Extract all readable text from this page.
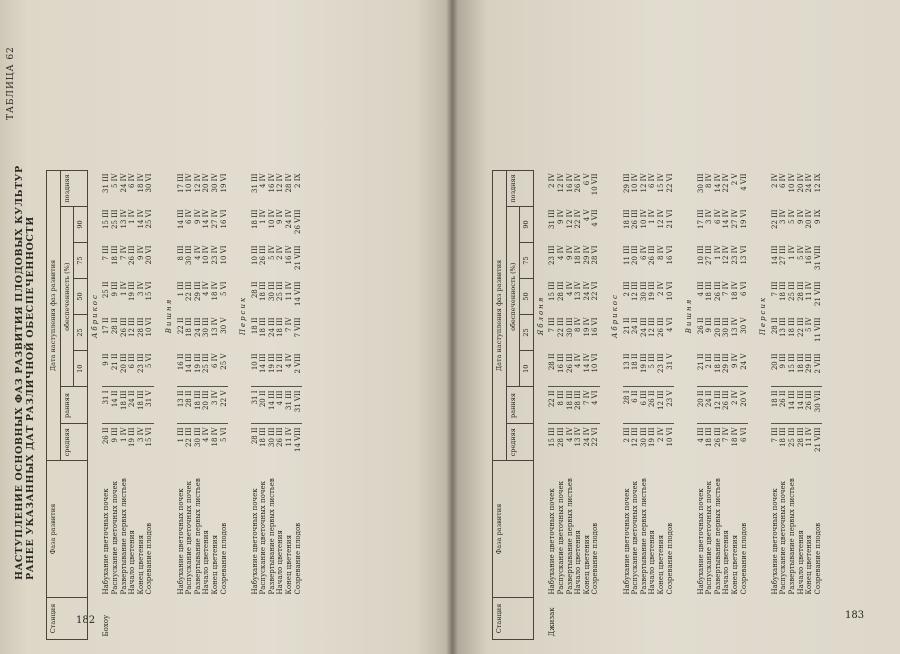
182
ТАБЛИЦА 62
НАСТУПЛЕНИЕ ОСНОВНЫХ ФАЗ РАЗВИТИЯ ПЛОДОВЫХ КУЛЬТУР РАНЕЕ УКАЗАННЫХ ДАТ РАЗЛИЧНОЙ ОБЕСПЕЧЕННОСТИ
Станция	Фаза развития	Дата наступления фаз развития							
		средняя	ранняя	обеспеченность (%)					поздняя
				10	25	50	75	90	
		Абрикос							
Бохоу	Набухание цветочных почек	26 II	31 I	9 II	17 II	25 II	7 III	15 III	31 III
	Распускание цветочных почек	9 III	14 II	21 II	28 II	9 III	18 III	25 III	5 IV
	Развертывание первых листьев	1 IV	18 III	20 III	26 III	1 IV	7 IV	13 IV	24 IV
	Начало цветения	19 III	24 II	6 III	12 III	19 III	26 III	1 IV	6 IV
	Конец цветения	3 IV	18 III	23 III	28 III	3 IV	9 IV	14 IV	18 IV
	Созревание плодов	15 VI	31 V	5 VI	10 VI	15 VI	20 VI	25 VI	30 VI

		Вишня							
	Набухание цветочных почек	1 III	13 II	16 II	22 II	1 III	8 III	14 III	17 III
	Распускание цветочных почек	22 III	28 II	14 III	18 III	22 III	30 III	6 IV	10 IV
	Развертывание первых листьев	30 III	18 III	19 III	24 III	29 III	4 IV	9 IV	12 IV
	Начало цветения	4 IV	20 III	25 III	30 III	4 IV	10 IV	14 IV	20 IV
	Конец цветения	18 IV	3 IV	6 IV	13 IV	18 IV	23 IV	27 IV	30 IV
	Созревание плодов	5 VI	22 V	25 V	30 V	5 VI	10 VI	16 VI	19 VI

		Персик							
	Набухание цветочных почек	28 II	31 I	10 II	18 II	28 II	10 III	18 III	31 III
	Распускание цветочных почек	18 III	20 II	14 III	18 III	18 III	26 III	1 IV	4 IV
	Развертывание первых листьев	30 III	14 III	19 III	24 III	30 III	5 IV	10 IV	16 IV
	Начало цветения	26 III	4 III	12 III	18 III	25 III	2 IV	9 IV	12 IV
	Конец цветения	11 IV	31 III	4 IV	7 IV	11 IV	16 IV	24 IV	28 IV
	Созревание плодов	14 VIII	31 VII	2 VIII	7 VIII	14 VIII	21 VIII	26 VIII	2 IX

183
Станция	Фаза развития	Дата наступления фаз развития							
		средняя	ранняя	обеспеченность (%)					поздняя
				10	25	50	75	90	
		Яблоня							
Джизак	Набухание цветочных почек	15 III	22 II	28 II	7 III	15 III	23 III	31 III	2 IV
	Распускание цветочных почек	28 III	8 III	16 III	22 III	28 III	4 IV	9 IV	12 IV
	Развертывание первых листьев	4 IV	18 III	26 III	30 III	4 IV	9 IV	12 IV	16 IV
	Начало цветения	13 IV	28 III	4 IV	8 IV	13 IV	18 IV	22 IV	26 IV
	Конец цветения	24 IV	7 IV	14 IV	19 IV	24 IV	29 IV	4 V	6 V
	Созревание плодов	22 VI	4 VI	10 VI	16 VI	22 VI	28 VI	4 VII	10 VII

		Абрикос							
	Набухание цветочных почек	2 III	28 I	13 II	21 II	2 III	11 III	18 III	29 III
	Распускание цветочных почек	12 III	6 II	18 II	24 II	12 III	20 III	26 III	10 IV
	Развертывание первых листьев	30 III	6 III	19 III	24 III	30 III	6 IV	10 IV	12 IV
	Начало цветения	19 III	26 II	5 III	12 III	19 III	26 III	1 IV	6 IV
	Конец цветения	2 IV	12 III	23 III	26 III	2 IV	8 IV	12 IV	15 IV
	Созревание плодов	10 VI	23 V	31 V	4 VI	10 VI	16 VI	21 VI	22 VI

		Вишня							
	Набухание цветочных почек	4 III	20 II	21 II	26 II	4 III	10 III	17 III	30 III
	Распускание цветочных почек	18 III	24 II	2 III	9 III	18 III	27 III	3 IV	8 IV
	Развертывание первых листьев	26 III	12 III	18 III	20 III	26 III	1 IV	6 IV	14 IV
	Начало цветения	7 IV	26 III	29 III	30 III	7 IV	12 IV	14 IV	22 IV
	Конец цветения	18 IV	2 IV	9 IV	13 IV	18 IV	23 IV	27 IV	2 V
	Созревание плодов	6 VI	20 V	24 V	30 V	6 VI	13 VI	19 VI	4 VII

		Персик							
	Набухание цветочных почек	7 III	18 II	20 II	28 II	7 III	14 III	22 III	2 IV
	Распускание цветочных почек	18 III	26 II	9 III	13 III	18 III	27 III	3 IV	6 IV
	Развертывание первых листьев	25 III	14 III	15 III	18 III	25 III	1 IV	5 IV	10 IV
	Начало цветения	28 III	14 III	18 III	22 III	28 III	5 IV	9 IV	20 IV
	Конец цветения	11 IV	26 III	29 III	5 IV	11 IV	16 IV	20 IV	24 IV
	Созревание плодов	21 VIII	30 VII	2 VIII	11 VIII	21 VIII	31 VIII	9 IX	12 IX
